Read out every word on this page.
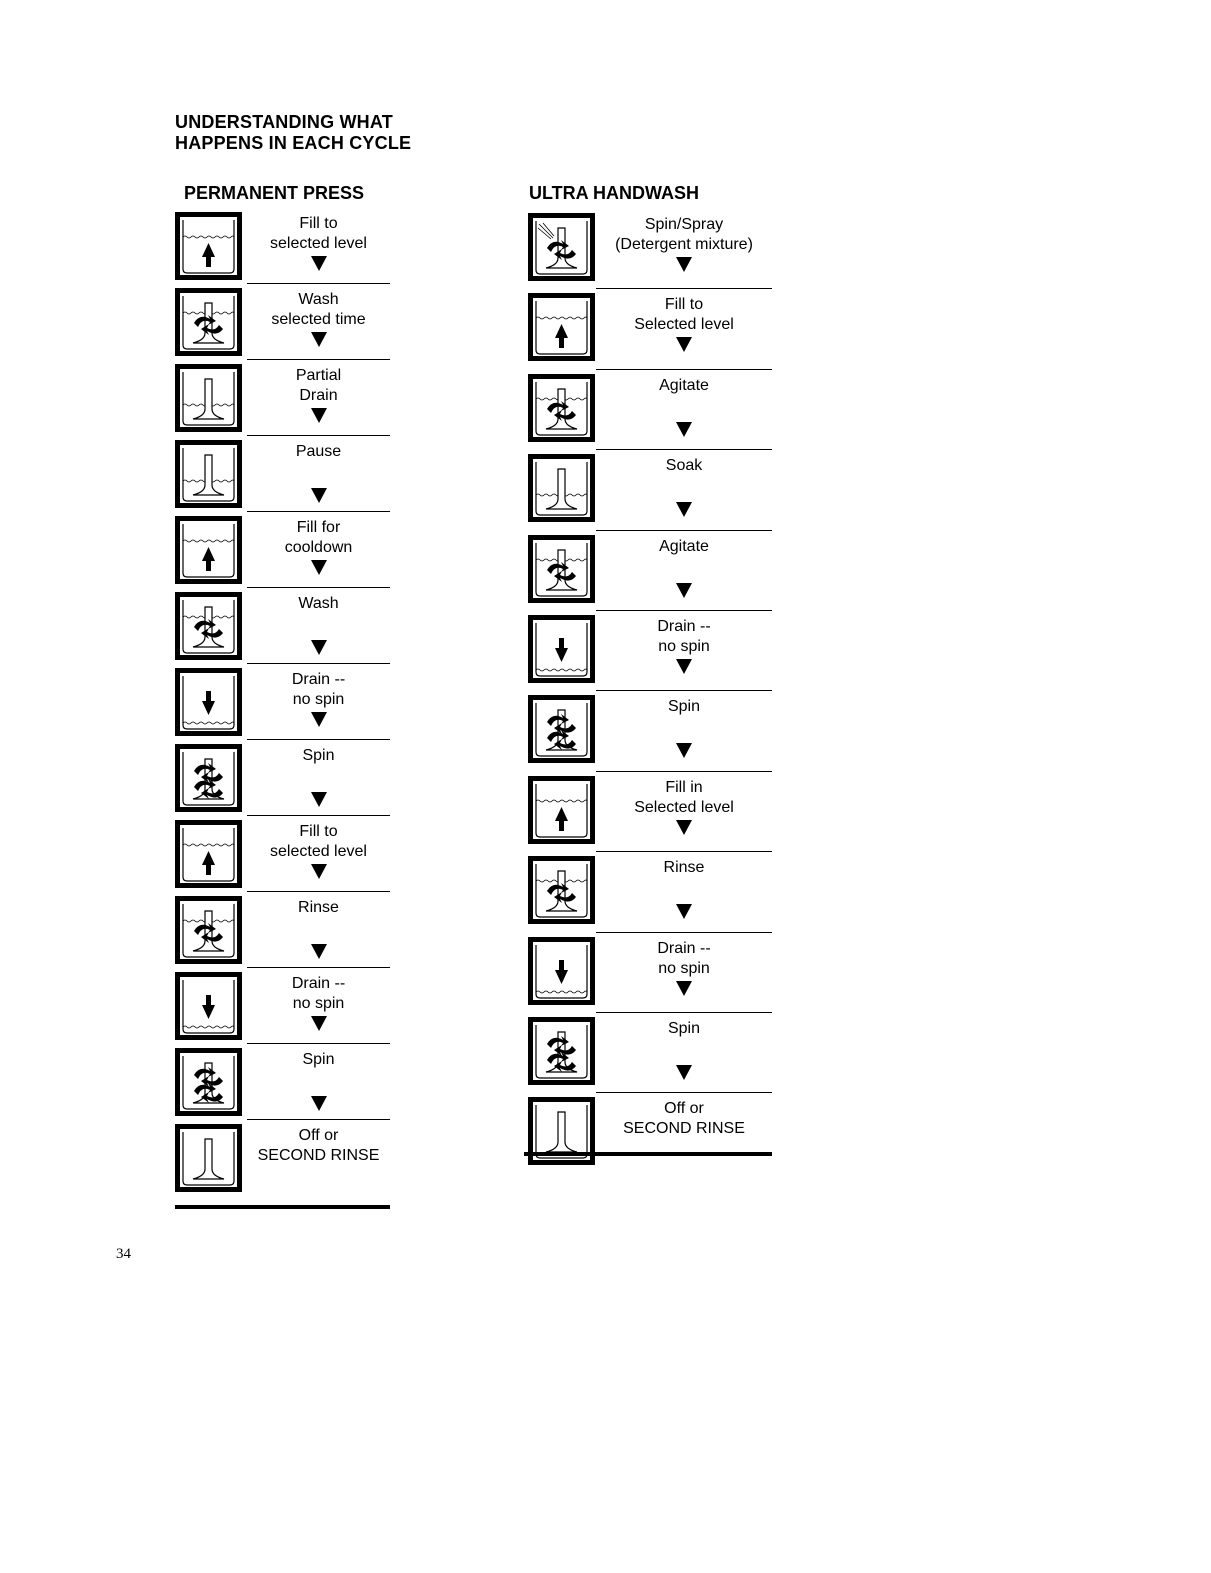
UNDERSTANDING WHAT
HAPPENS IN EACH CYCLE
PERMANENT PRESS	ULTRA HANDWASH
Fill to
selected level
Wash
selected time
Partial
Drain
Pause
Fill for
cooldown
Wash
Drain --
no spin
Spin
Fill to
selected level
Rinse
Drain --
no spin
Spin
Off or
SECOND RINSE
Spin/Spray
(Detergent mixture)
Fill to
Selected level
Agitate
Soak
Agitate
Drain --
no spin
Spin
Fill in
Selected level
Rinse
Drain --
no spin
Spin
Off or
SECOND RINSE
34
